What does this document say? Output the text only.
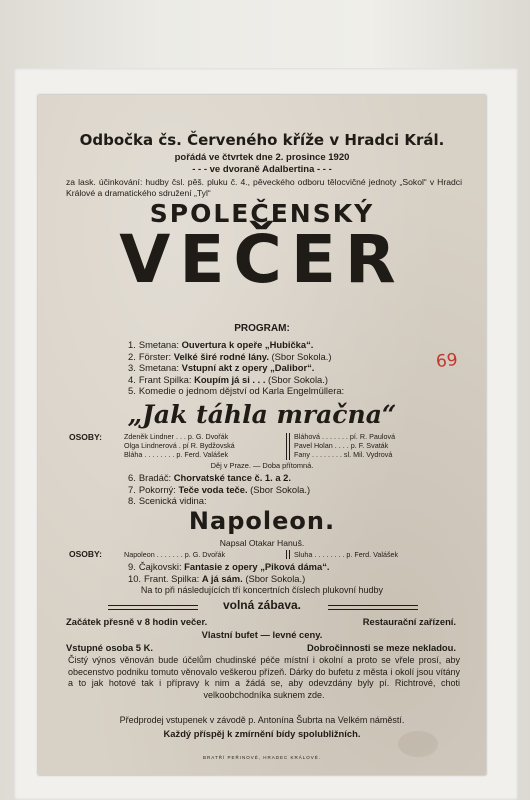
Odbočka čs. Červeného kříže v Hradci Král.
pořádá ve čtvrtek dne 2. prosince 1920
- - - ve dvoraně Adalbertina - - -
za lask. účinkování: hudby čsl. pěš. pluku č. 4., pěveckého odboru tělocvičné jednoty „Sokol“ v Hradci Králové a dramatického sdružení „Tyl“
SPOLEČENSKÝ
VEČER
PROGRAM:
1. Smetana: Ouvertura k opeře „Hubička“.
2. Förster: Velké širé rodné lány. (Sbor Sokola.)
3. Smetana: Vstupní akt z opery „Dalibor“.
4. Frant Spilka: Koupím já si . . . (Sbor Sokola.)
5. Komedie o jednom dějství od Karla Engelmüllera:
„Jak táhla mračna“
OSOBY:	Zdeněk Lindner . . . p. G. Dvořák
Olga Lindnerová . pí R. Bydžovská
Bláha . . . . . . . . p. Ferd. Valášek
Bláhová . . . . . . . pí. R. Paulová
Pavel Holan . . . . p. F. Svaták
Fany . . . . . . . . sl. Mil. Vydrová
Děj v Praze. — Doba přítomná.
6. Bradáč: Chorvatské tance č. 1. a 2.
7. Pokorný: Teče voda teče. (Sbor Sokola.)
8. Scenická vidina:
Napoleon.
Napsal Otakar Hanuš.
OSOBY:	Napoleon . . . . . . . p. G. Dvořák	Sluha . . . . . . . . p. Ferd. Valášek
9. Čajkovski: Fantasie z opery „Piková dáma“.
10. Frant. Spilka: A já sám. (Sbor Sokola.)
Na to při následujících tří koncertních číslech plukovní hudby
volná zábava.
Začátek přesně v 8 hodin večer.	Restaurační zařízení.
Vlastní bufet — levné ceny.
Vstupné osoba 5 K.	Dobročinnosti se meze nekladou.
Čistý výnos věnován bude účelům chudinské péče místní i okolní a proto se vřele prosí, aby obecenstvo podniku tomuto věnovalo veškerou přízeň. Dárky do bufetu z města i okolí jsou vítány a to jak hotové tak i přípravy k nim a žádá se, aby odevzdány byly pí. Richtrové, choti velkoobchodníka suknem zde.
Předprodej vstupenek v závodě p. Antonína Šubrta na Velkém náměstí.
Každý příspěj k zmírnění bídy spolubližních.
BRATŘÍ PEŘINOVÉ, HRADEC KRÁLOVÉ.
69
